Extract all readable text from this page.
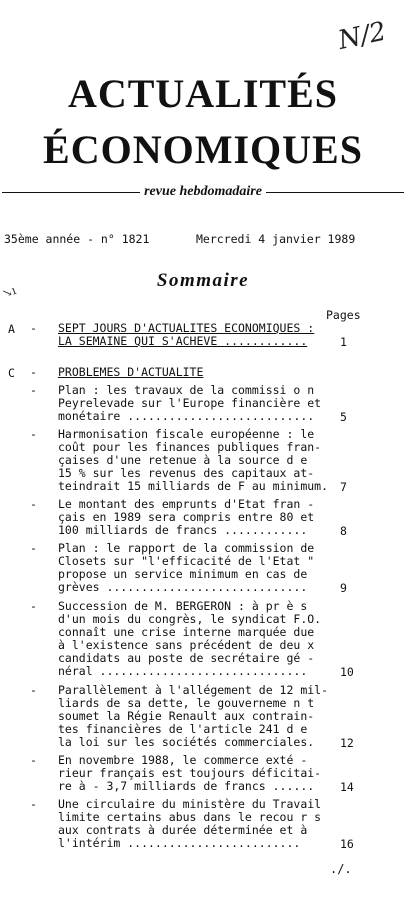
N/2
ACTUALITÉS
ÉCONOMIQUES
revue hebdomadaire
35ème année - n° 1821	Mercredi 4 janvier 1989
↘ı
Sommaire
Pages
A - SEPT JOURS D'ACTUALITES ECONOMIQUES :
LA SEMAINE QUI S'ACHEVE ............	1
C - PROBLEMES D'ACTUALITE
- Plan : les travaux de la commissi o n
Peyrelevade sur l'Europe financière et
monétaire ...........................	5
- Harmonisation fiscale européenne : le
coût pour les finances publiques fran-
çaises d'une retenue à la source d e
15 % sur les revenus des capitaux at-
teindrait 15 milliards de F au minimum.	7
- Le montant des emprunts d'Etat fran -
çais en 1989 sera compris entre 80 et
100 milliards de francs ............	8
- Plan : le rapport de la commission de
Closets sur "l'efficacité de l'Etat "
propose un service minimum en cas de
grèves .............................	9
- Succession de M. BERGERON : à pr è s
d'un mois du congrès, le syndicat F.O.
connaît une crise interne marquée due
à l'existence sans précédent de deu x
candidats au poste de secrétaire gé -
néral ..............................	10
- Parallèlement à l'allégement de 12 mil-
liards de sa dette, le gouverneme n t
soumet la Régie Renault aux contrain-
tes financières de l'article 241 d e
la loi sur les sociétés commerciales.	12
- En novembre 1988, le commerce exté -
rieur français est toujours déficitai-
re à - 3,7 milliards de francs ......	14
- Une circulaire du ministère du Travail
limite certains abus dans le recou r s
aux contrats à durée déterminée et à
l'intérim .........................	16
./.
